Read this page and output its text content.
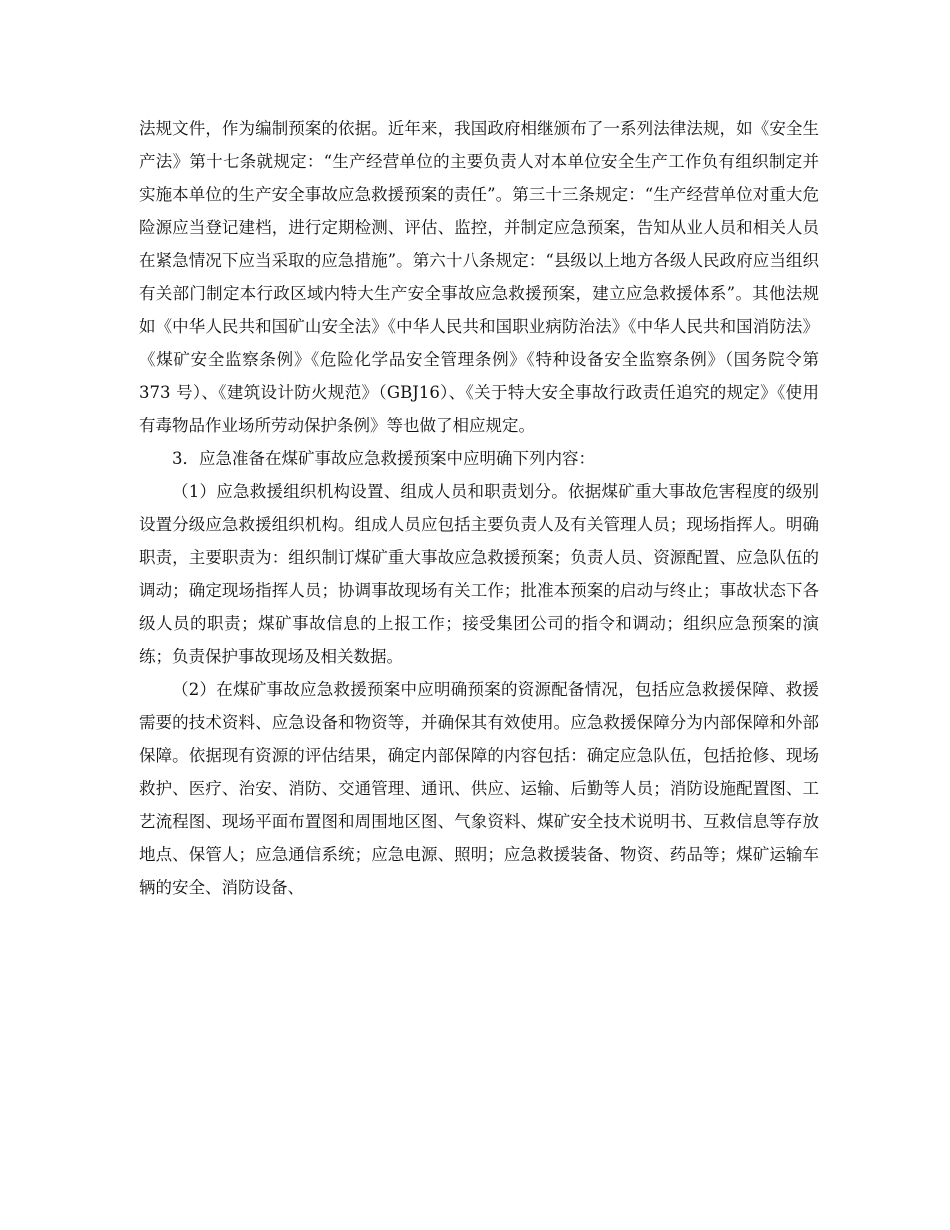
法规文件，作为编制预案的依据。近年来，我国政府相继颁布了一系列法律法规，如《安全生产法》第十七条就规定：“生产经营单位的主要负责人对本单位安全生产工作负有组织制定并实施本单位的生产安全事故应急救援预案的责任”。第三十三条规定：“生产经营单位对重大危险源应当登记建档，进行定期检测、评估、监控，并制定应急预案，告知从业人员和相关人员在紧急情况下应当采取的应急措施”。第六十八条规定：“县级以上地方各级人民政府应当组织有关部门制定本行政区域内特大生产安全事故应急救援预案，建立应急救援体系”。其他法规如《中华人民共和国矿山安全法》《中华人民共和国职业病防治法》《中华人民共和国消防法》《煤矿安全监察条例》《危险化学品安全管理条例》《特种设备安全监察条例》（国务院令第 373 号）、《建筑设计防火规范》（GBJ16）、《关于特大安全事故行政责任追究的规定》《使用有毒物品作业场所劳动保护条例》等也做了相应规定。

3．应急准备在煤矿事故应急救援预案中应明确下列内容：

（1）应急救援组织机构设置、组成人员和职责划分。依据煤矿重大事故危害程度的级别设置分级应急救援组织机构。组成人员应包括主要负责人及有关管理人员；现场指挥人。明确职责，主要职责为：组织制订煤矿重大事故应急救援预案；负责人员、资源配置、应急队伍的调动；确定现场指挥人员；协调事故现场有关工作；批准本预案的启动与终止；事故状态下各级人员的职责；煤矿事故信息的上报工作；接受集团公司的指令和调动；组织应急预案的演练；负责保护事故现场及相关数据。

（2）在煤矿事故应急救援预案中应明确预案的资源配备情况，包括应急救援保障、救援需要的技术资料、应急设备和物资等，并确保其有效使用。应急救援保障分为内部保障和外部保障。依据现有资源的评估结果，确定内部保障的内容包括：确定应急队伍，包括抢修、现场救护、医疗、治安、消防、交通管理、通讯、供应、运输、后勤等人员；消防设施配置图、工艺流程图、现场平面布置图和周围地区图、气象资料、煤矿安全技术说明书、互救信息等存放地点、保管人；应急通信系统；应急电源、照明；应急救援装备、物资、药品等；煤矿运输车辆的安全、消防设备、
